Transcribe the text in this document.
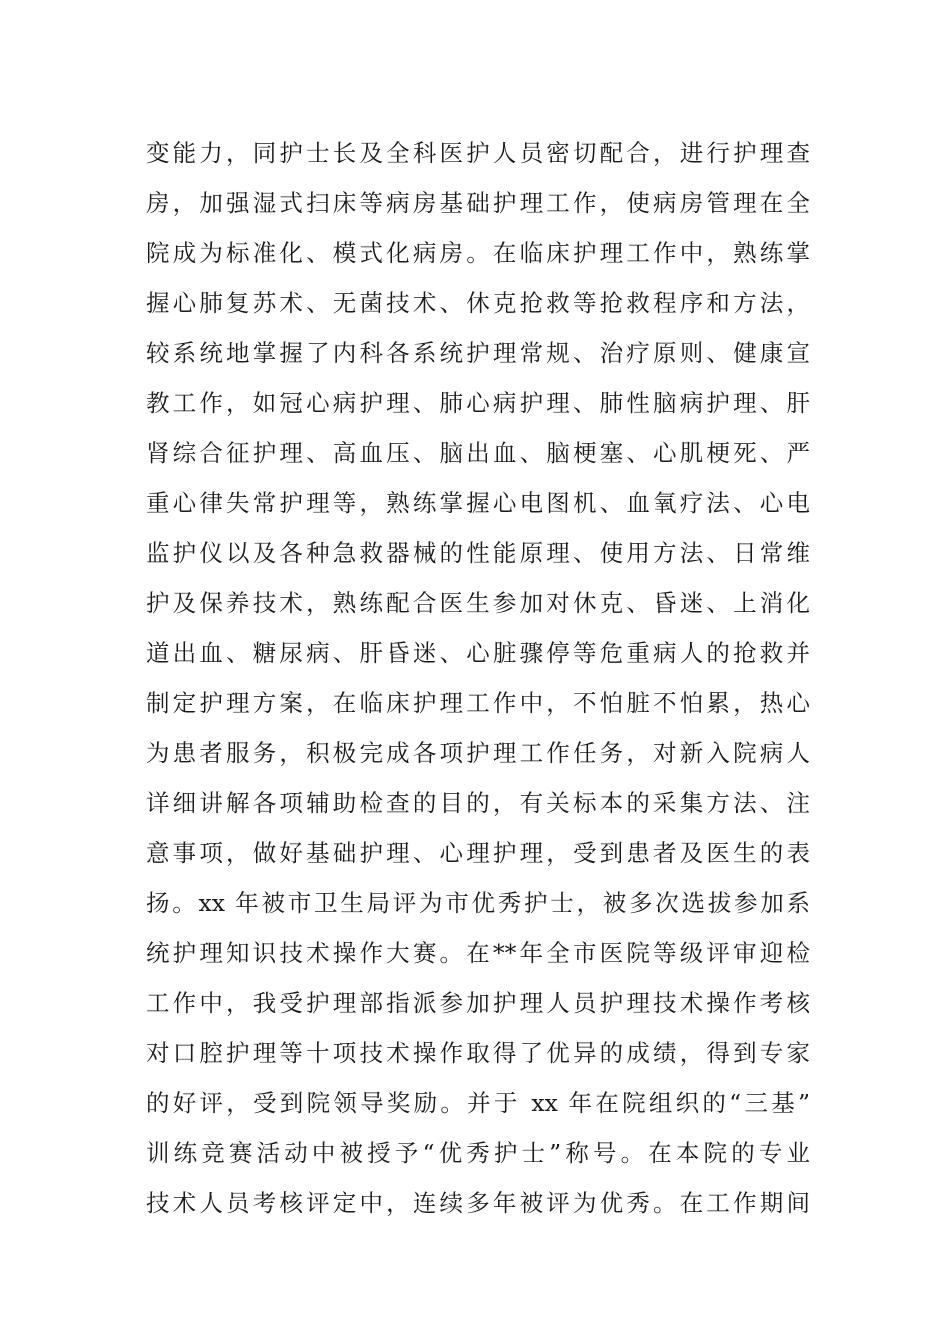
变能力，同护士长及全科医护人员密切配合，进行护理查
房，加强湿式扫床等病房基础护理工作，使病房管理在全
院成为标准化、模式化病房。在临床护理工作中，熟练掌
握心肺复苏术、无菌技术、休克抢救等抢救程序和方法，
较系统地掌握了内科各系统护理常规、治疗原则、健康宣
教工作，如冠心病护理、肺心病护理、肺性脑病护理、肝
肾综合征护理、高血压、脑出血、脑梗塞、心肌梗死、严
重心律失常护理等，熟练掌握心电图机、血氧疗法、心电
监护仪以及各种急救器械的性能原理、使用方法、日常维
护及保养技术，熟练配合医生参加对休克、昏迷、上消化
道出血、糖尿病、肝昏迷、心脏骤停等危重病人的抢救并
制定护理方案，在临床护理工作中，不怕脏不怕累，热心
为患者服务，积极完成各项护理工作任务，对新入院病人
详细讲解各项辅助检查的目的，有关标本的采集方法、注
意事项，做好基础护理、心理护理，受到患者及医生的表
扬。xx 年被市卫生局评为市优秀护士，被多次选拔参加系
统护理知识技术操作大赛。在**年全市医院等级评审迎检
工作中，我受护理部指派参加护理人员护理技术操作考核
对口腔护理等十项技术操作取得了优异的成绩，得到专家
的好评，受到院领导奖励。并于 xx 年在院组织的“三基”
训练竞赛活动中被授予“优秀护士”称号。在本院的专业
技术人员考核评定中，连续多年被评为优秀。在工作期间
